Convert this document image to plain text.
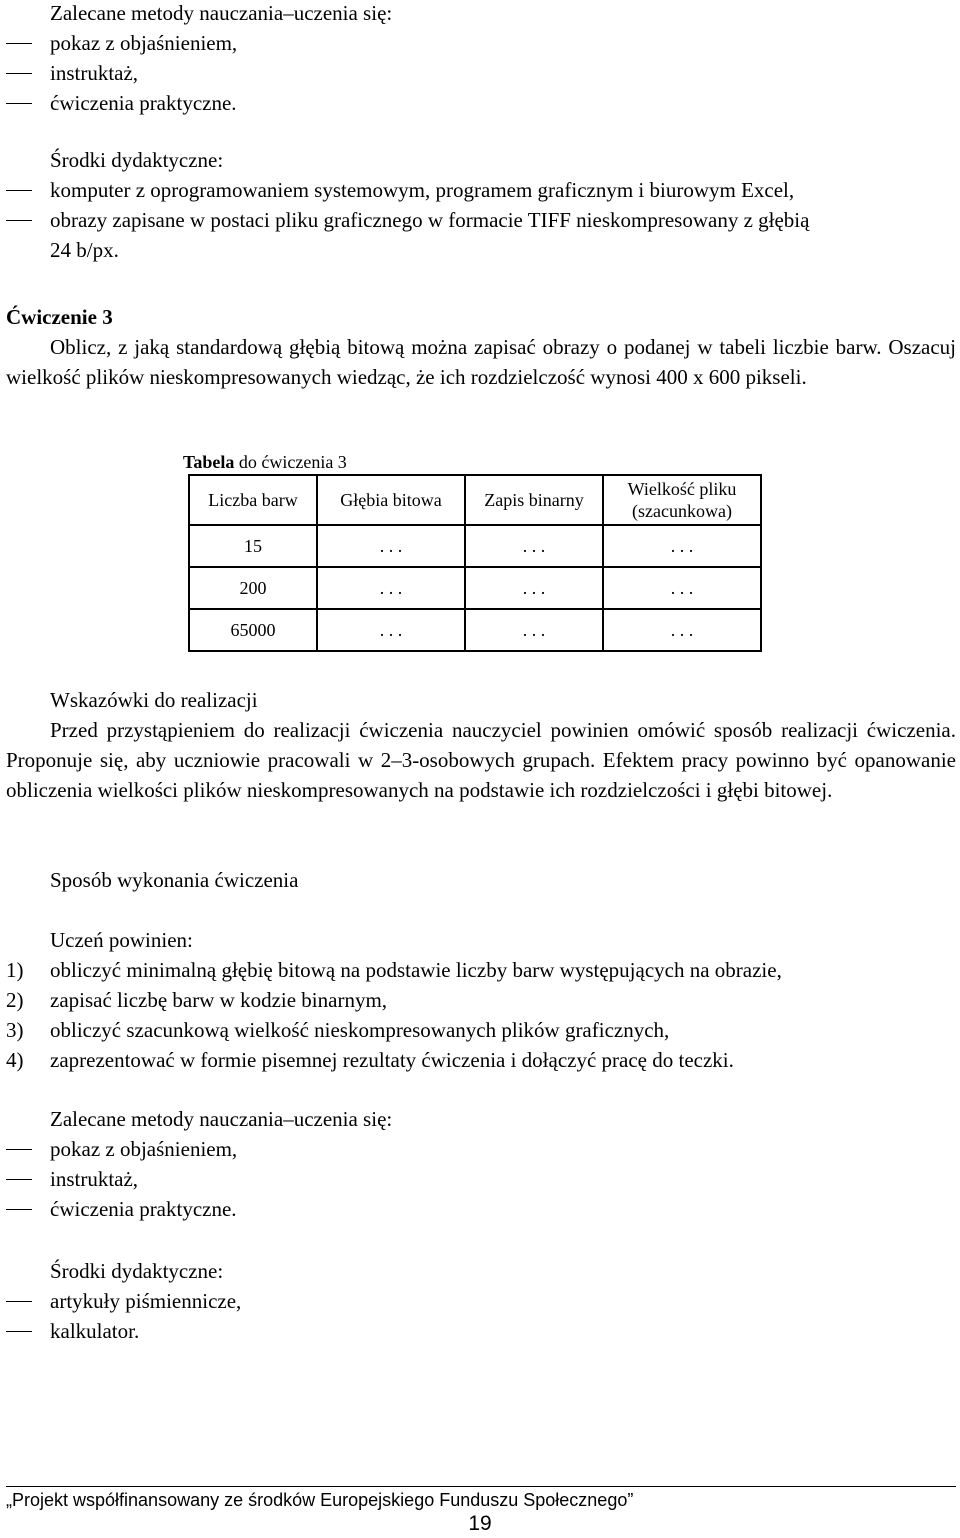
Zalecane metody nauczania–uczenia się:
pokaz z objaśnieniem,
instruktaż,
ćwiczenia praktyczne.
Środki dydaktyczne:
komputer z oprogramowaniem systemowym, programem graficznym i biurowym Excel,
obrazy zapisane w postaci pliku graficznego w formacie TIFF nieskompresowany z głębią
24 b/px.
Ćwiczenie 3

Oblicz, z jaką standardową głębią bitową można zapisać obrazy o podanej w tabeli liczbie barw. Oszacuj wielkość plików nieskompresowanych wiedząc, że ich rozdzielczość wynosi 400 x 600 pikseli.

Tabela do ćwiczenia 3
Liczba barw	Głębia bitowa	Zapis binarny	Wielkość pliku
(szacunkowa)
15	. . .	. . .	. . .
200	. . .	. . .	. . .
65000	. . .	. . .	. . .
Wskazówki do realizacji

Przed przystąpieniem do realizacji ćwiczenia nauczyciel powinien omówić sposób realizacji ćwiczenia. Proponuje się, aby uczniowie pracowali w 2–3-osobowych grupach. Efektem pracy powinno być opanowanie obliczenia wielkości plików nieskompresowanych na podstawie ich rozdzielczości i głębi bitowej.

Sposób wykonania ćwiczenia
Uczeń powinien:
1) obliczyć minimalną głębię bitową na podstawie liczby barw występujących na obrazie,
2) zapisać liczbę barw w kodzie binarnym,
3) obliczyć szacunkową wielkość nieskompresowanych plików graficznych,
4) zaprezentować w formie pisemnej rezultaty ćwiczenia i dołączyć pracę do teczki.
Zalecane metody nauczania–uczenia się:
pokaz z objaśnieniem,
instruktaż,
ćwiczenia praktyczne.
Środki dydaktyczne:
artykuły piśmiennicze,
kalkulator.
„Projekt współfinansowany ze środków Europejskiego Funduszu Społecznego”
19
